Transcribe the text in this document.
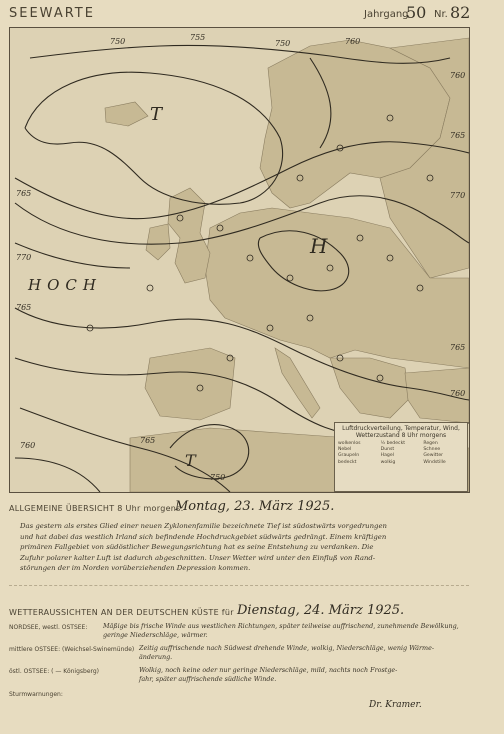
SEEWARTE	Jahrgang
50 Nr. 82
750	755
750	760
760
765
770
765
770
765
760
765
750
760
765
HOCH
H
T
T
Luftdruckverteilung, Temperatur, Wind,
Wetterzustand 8 Uhr morgens
wolkenlos	½ bedeckt	Regen
Nebel	Dunst	Schnee
Graupeln	Hagel	Gewitter
bedeckt	wolkig	Windstille
ALLGEMEINE ÜBERSICHT 8 Uhr morgens:
Montag, 23. März 1925.
Das gestern als erstes Glied einer neuen Zyklonenfamilie bezeichnete Tief ist südostwärts vorgedrungen
und hat dabei das westlich Irland sich befindende Hochdruckgebiet südwärts gedrängt. Einem kräftigen
primären Fallgebiet von südöstlicher Bewegungsrichtung hat es seine Entstehung zu verdanken. Die
Zufuhr polarer kalter Luft ist dadurch abgeschnitten. Unser Wetter wird unter den Einfluß von Rand-
störungen der im Norden vorüberziehenden Depression kommen.
WETTERAUSSICHTEN AN DER DEUTSCHEN KÜSTE für Dienstag, 24. März 1925.
NORDSEE, westl. OSTSEE: Mäßige bis frische Winde aus westlichen Richtungen, später teilweise auffrischend, zunehmende Bewölkung,
geringe Niederschläge, wärmer.
mittlere OSTSEE: (Weichsel-Swinemünde) Zeitig auffrischende nach Südwest drehende Winde, wolkig, Niederschläge, wenig Wärme-
änderung.
östl. OSTSEE: ( — Königsberg)	Wolkig, noch keine oder nur geringe Niederschläge, mild, nachts noch Frostge-
fahr, später auffrischende südliche Winde.
Sturmwarnungen:
Dr. Kramer.
